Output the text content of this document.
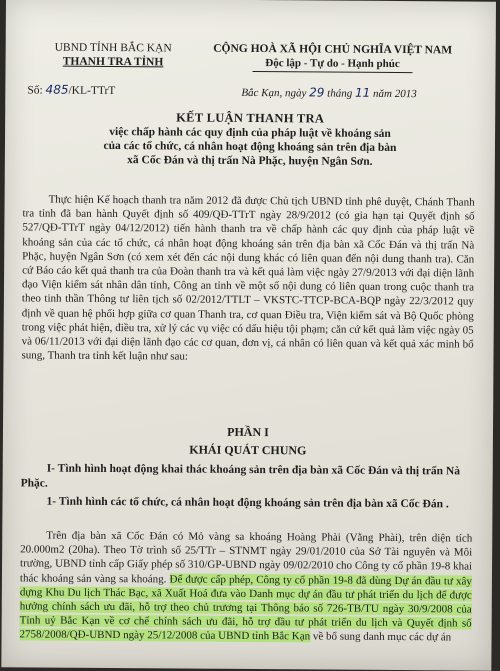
UBND TỈNH BẮC KẠN
THANH TRA TỈNH
CỘNG HOÀ XÃ HỘI CHỦ NGHĨA VIỆT NAM
Độc lập - Tự do - Hạnh phúc
Số: 485/KL-TTrT	Bắc Kạn, ngày 29 tháng 11 năm 2013
KẾT LUẬN THANH TRA
việc chấp hành các quy định của pháp luật về khoáng sản
của các tổ chức, cá nhân hoạt động khoáng sản trên địa bàn
xã Cốc Đán và thị trấn Nà Phặc, huyện Ngân Sơn.
Thực hiện Kế hoạch thanh tra năm 2012 đã được Chủ tịch UBND tỉnh phê duyệt, Chánh Thanh tra tỉnh đã ban hành Quyết định số 409/QĐ-TTrT ngày 28/9/2012 (có gia hạn tại Quyết định số 527/QĐ-TTrT ngày 04/12/2012) tiến hành thanh tra về chấp hành các quy định của pháp luật về khoáng sản của các tổ chức, cá nhân hoạt động khoáng sản trên địa bàn xã Cốc Đán và thị trấn Nà Phặc, huyện Ngân Sơn (có xem xét đến các nội dung khác có liên quan đến nội dung thanh tra). Căn cứ Báo cáo kết quả thanh tra của Đoàn thanh tra và kết quả làm việc ngày 27/9/2013 với đại diện lãnh đạo Viện kiểm sát nhân dân tỉnh, Công an tỉnh về một số nội dung có liên quan trong cuộc thanh tra theo tinh thần Thông tư liên tịch số 02/2012/TTLT – VKSTC-TTCP-BCA-BQP ngày 22/3/2012 quy định về quan hệ phối hợp giữa cơ quan Thanh tra, cơ quan Điều tra, Viện kiểm sát và Bộ Quốc phòng trong việc phát hiện, điều tra, xử lý các vụ việc có dấu hiệu tội phạm; căn cứ kết quả làm việc ngày 05 và 06/11/2013 với đại diện lãnh đạo các cơ quan, đơn vị, cá nhân có liên quan và kết quả xác minh bổ sung, Thanh tra tỉnh kết luận như sau:
PHẦN I
KHÁI QUÁT CHUNG
I- Tình hình hoạt động khai thác khoáng sản trên địa bàn xã Cốc Đán và thị trấn Nà Phặc.
1- Tình hình các tổ chức, cá nhân hoạt động khoáng sản trên địa bàn xã Cốc Đán .
Trên địa bàn xã Cốc Đán có Mỏ vàng sa khoáng Hoàng Phài (Vằng Phài), trên diện tích 20.000m2 (20ha). Theo Tờ trình số 25/TTr – STNMT ngày 29/01/2010 của Sở Tài nguyên và Môi trường, UBND tỉnh cấp Giấy phép số 310/GP-UBND ngày 09/02/2010 cho Công ty cổ phần 19-8 khai thác khoáng sản vàng sa khoáng. Để được cấp phép, Công ty cổ phần 19-8 đã dùng Dự án đầu tư xây dựng Khu Du lịch Thác Bạc, xã Xuất Hoá đưa vào Danh mục dự án đầu tư phát triển du lịch để được hưởng chính sách ưu đãi, hỗ trợ theo chủ trương tại Thông báo số 726-TB/TU ngày 30/9/2008 của Tỉnh uỷ Bắc Kạn về cơ chế chính sách ưu đãi, hỗ trợ đầu tư phát triển du lịch và Quyết định số 2758/2008/QĐ-UBND ngày 25/12/2008 của UBND tỉnh Bắc Kạn về bổ sung danh mục các dự án
